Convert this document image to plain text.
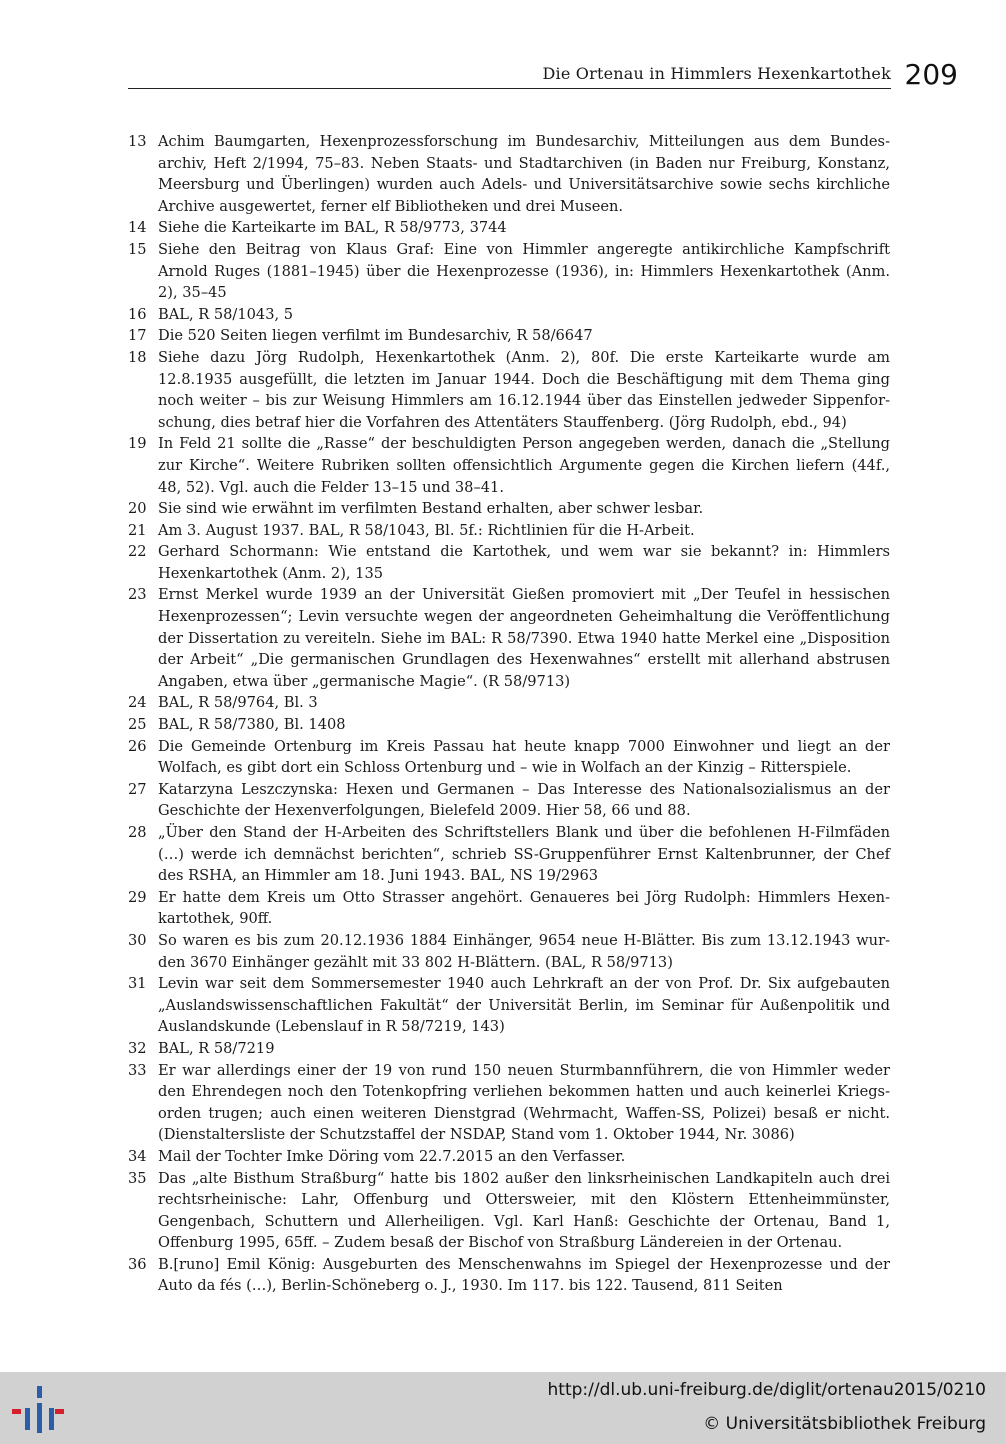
Die Ortenau in Himmlers Hexenkartothek 209
13 Achim Baumgarten, Hexenprozessforschung im Bundesarchiv, Mitteilungen aus dem Bundesarchiv, Heft 2/1994, 75–83. Neben Staats- und Stadtarchiven (in Baden nur Freiburg, Konstanz, Meersburg und Überlingen) wurden auch Adels- und Universitätsarchive sowie sechs kirchliche Archive ausgewertet, ferner elf Bibliotheken und drei Museen.
14 Siehe die Karteikarte im BAL, R 58/9773, 3744
15 Siehe den Beitrag von Klaus Graf: Eine von Himmler angeregte antikirchliche Kampfschrift Arnold Ruges (1881–1945) über die Hexenprozesse (1936), in: Himmlers Hexenkartothek (Anm. 2), 35–45
16 BAL, R 58/1043, 5
17 Die 520 Seiten liegen verfilmt im Bundesarchiv, R 58/6647
18 Siehe dazu Jörg Rudolph, Hexenkartothek (Anm. 2), 80f. Die erste Karteikarte wurde am 12.8.1935 ausgefüllt, die letzten im Januar 1944. Doch die Beschäftigung mit dem Thema ging noch weiter – bis zur Weisung Himmlers am 16.12.1944 über das Einstellen jedweder Sippenforschung, dies betraf hier die Vorfahren des Attentäters Stauffenberg. (Jörg Rudolph, ebd., 94)
19 In Feld 21 sollte die „Rasse“ der beschuldigten Person angegeben werden, danach die „Stellung zur Kirche“. Weitere Rubriken sollten offensichtlich Argumente gegen die Kirchen liefern (44f., 48, 52). Vgl. auch die Felder 13–15 und 38–41.
20 Sie sind wie erwähnt im verfilmten Bestand erhalten, aber schwer lesbar.
21 Am 3. August 1937. BAL, R 58/1043, Bl. 5f.: Richtlinien für die H-Arbeit.
22 Gerhard Schormann: Wie entstand die Kartothek, und wem war sie bekannt? in: Himmlers Hexenkartothek (Anm. 2), 135
23 Ernst Merkel wurde 1939 an der Universität Gießen promoviert mit „Der Teufel in hessischen Hexenprozessen“; Levin versuchte wegen der angeordneten Geheimhaltung die Veröffentlichung der Dissertation zu vereiteln. Siehe im BAL: R 58/7390. Etwa 1940 hatte Merkel eine „Disposition der Arbeit“ „Die germanischen Grundlagen des Hexenwahnes“ erstellt mit allerhand abstrusen Angaben, etwa über „germanische Magie“. (R 58/9713)
24 BAL, R 58/9764, Bl. 3
25 BAL, R 58/7380, Bl. 1408
26 Die Gemeinde Ortenburg im Kreis Passau hat heute knapp 7000 Einwohner und liegt an der Wolfach, es gibt dort ein Schloss Ortenburg und – wie in Wolfach an der Kinzig – Ritterspiele.
27 Katarzyna Leszczynska: Hexen und Germanen – Das Interesse des Nationalsozialismus an der Geschichte der Hexenverfolgungen, Bielefeld 2009. Hier 58, 66 und 88.
28 „Über den Stand der H-Arbeiten des Schriftstellers Blank und über die befohlenen H-Filmfäden (…) werde ich demnächst berichten“, schrieb SS-Gruppenführer Ernst Kaltenbrunner, der Chef des RSHA, an Himmler am 18. Juni 1943. BAL, NS 19/2963
29 Er hatte dem Kreis um Otto Strasser angehört. Genaueres bei Jörg Rudolph: Himmlers Hexenkartothek, 90ff.
30 So waren es bis zum 20.12.1936 1884 Einhänger, 9654 neue H-Blätter. Bis zum 13.12.1943 wurden 3670 Einhänger gezählt mit 33 802 H-Blättern. (BAL, R 58/9713)
31 Levin war seit dem Sommersemester 1940 auch Lehrkraft an der von Prof. Dr. Six aufgebauten „Auslandswissenschaftlichen Fakultät“ der Universität Berlin, im Seminar für Außenpolitik und Auslandskunde (Lebenslauf in R 58/7219, 143)
32 BAL, R 58/7219
33 Er war allerdings einer der 19 von rund 150 neuen Sturmbannführern, die von Himmler weder den Ehrendegen noch den Totenkopfring verliehen bekommen hatten und auch keinerlei Kriegsorden trugen; auch einen weiteren Dienstgrad (Wehrmacht, Waffen-SS, Polizei) besaß er nicht. (Dienstaltersliste der Schutzstaffel der NSDAP, Stand vom 1. Oktober 1944, Nr. 3086)
34 Mail der Tochter Imke Döring vom 22.7.2015 an den Verfasser.
35 Das „alte Bisthum Straßburg“ hatte bis 1802 außer den linksrheinischen Landkapiteln auch drei rechtsrheinische: Lahr, Offenburg und Ottersweier, mit den Klöstern Ettenheimmünster, Gengenbach, Schuttern und Allerheiligen. Vgl. Karl Hanß: Geschichte der Ortenau, Band 1, Offenburg 1995, 65ff. – Zudem besaß der Bischof von Straßburg Ländereien in der Ortenau.
36 B.[runo] Emil König: Ausgeburten des Menschenwahns im Spiegel der Hexenprozesse und der Auto da fés (…), Berlin-Schöneberg o. J., 1930. Im 117. bis 122. Tausend, 811 Seiten
http://dl.ub.uni-freiburg.de/diglit/ortenau2015/0210
© Universitätsbibliothek Freiburg
